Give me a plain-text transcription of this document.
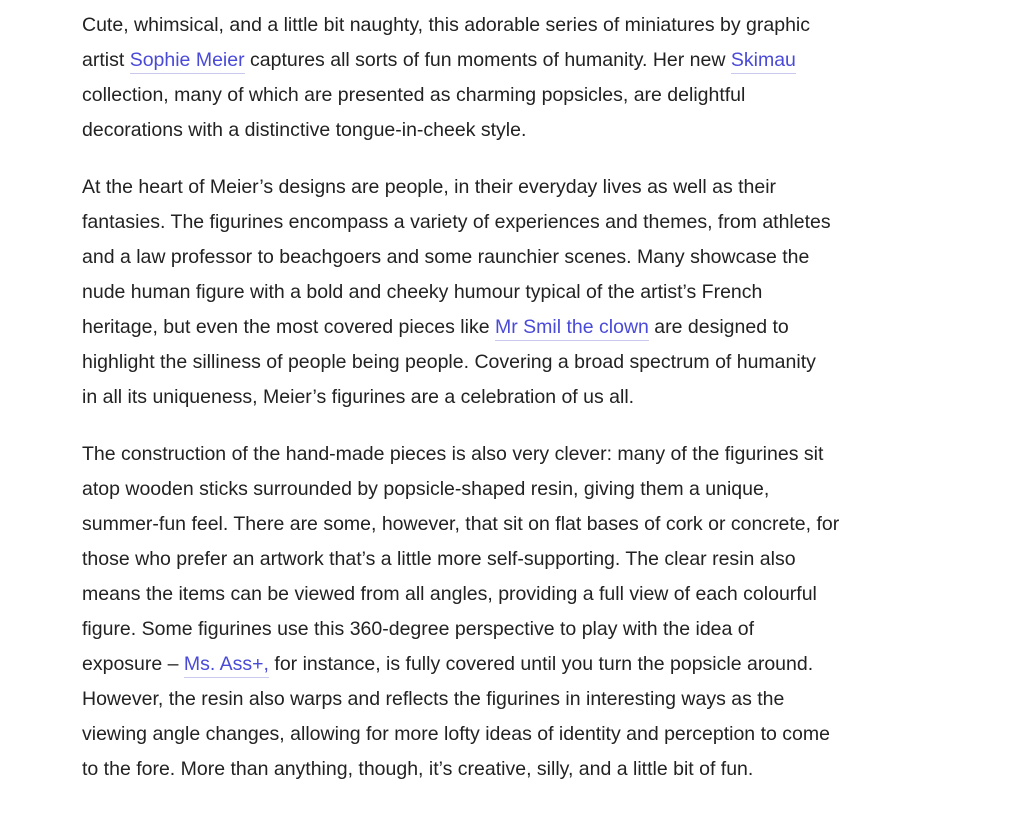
Cute, whimsical, and a little bit naughty, this adorable series of miniatures by graphic
artist Sophie Meier captures all sorts of fun moments of humanity. Her new Skimau
collection, many of which are presented as charming popsicles, are delightful
decorations with a distinctive tongue-in-cheek style.

At the heart of Meier’s designs are people, in their everyday lives as well as their
fantasies. The figurines encompass a variety of experiences and themes, from athletes
and a law professor to beachgoers and some raunchier scenes. Many showcase the
nude human figure with a bold and cheeky humour typical of the artist’s French
heritage, but even the most covered pieces like Mr Smil the clown are designed to
highlight the silliness of people being people. Covering a broad spectrum of humanity
in all its uniqueness, Meier’s figurines are a celebration of us all.

The construction of the hand-made pieces is also very clever: many of the figurines sit
atop wooden sticks surrounded by popsicle-shaped resin, giving them a unique,
summer-fun feel. There are some, however, that sit on flat bases of cork or concrete, for
those who prefer an artwork that’s a little more self-supporting. The clear resin also
means the items can be viewed from all angles, providing a full view of each colourful
figure. Some figurines use this 360-degree perspective to play with the idea of
exposure – Ms. Ass+, for instance, is fully covered until you turn the popsicle around.
However, the resin also warps and reflects the figurines in interesting ways as the
viewing angle changes, allowing for more lofty ideas of identity and perception to come
to the fore. More than anything, though, it’s creative, silly, and a little bit of fun.
